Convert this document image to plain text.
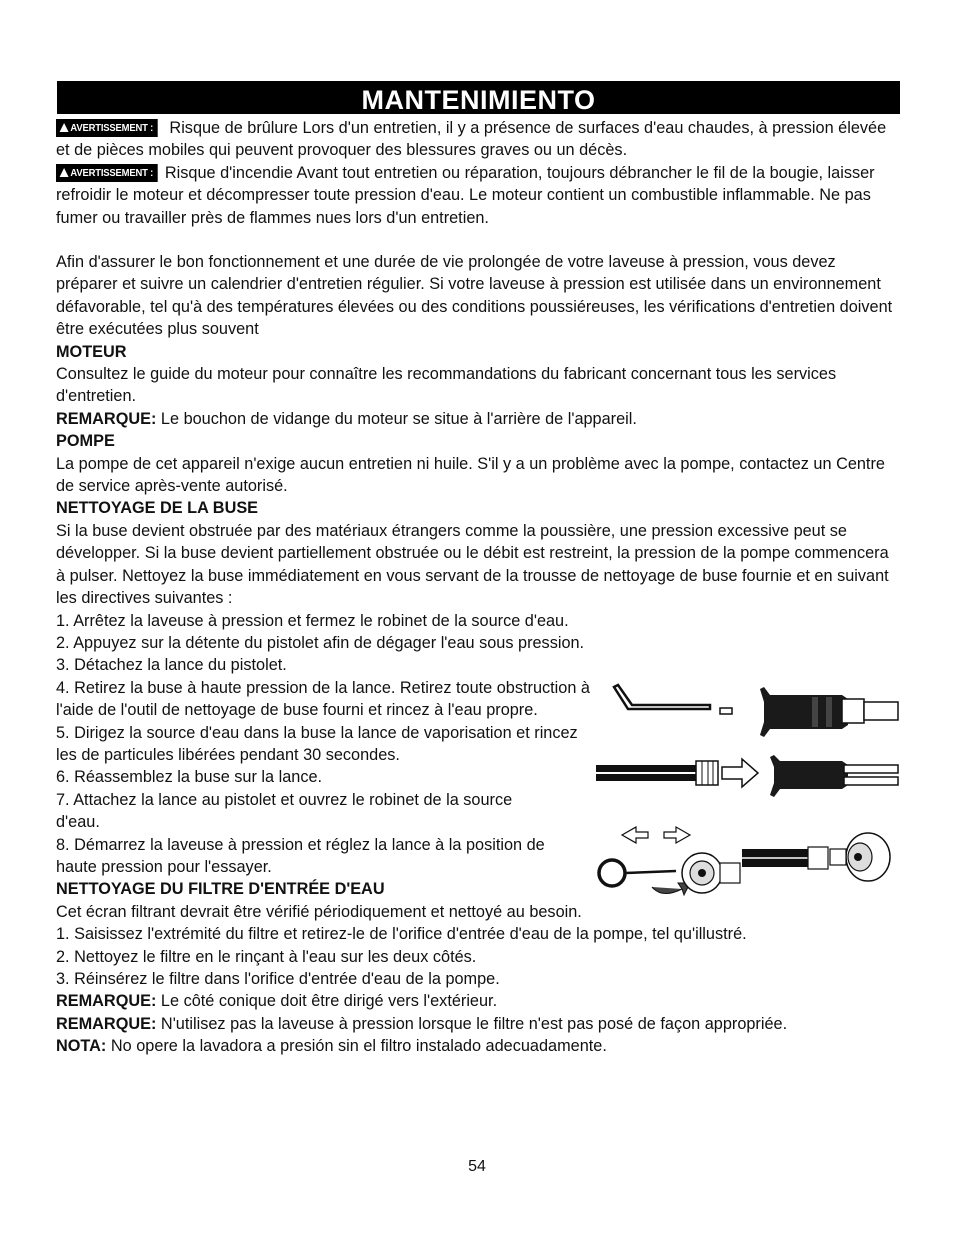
MANTENIMIENTO

AVERTISSEMENT : Risque de brûlure Lors d'un entretien, il y a présence de surfaces d'eau chaudes, à pression élevée et de pièces mobiles qui peuvent provoquer des blessures graves ou un décès.

AVERTISSEMENT : Risque d'incendie Avant tout entretien ou réparation, toujours débrancher le fil de la bougie, laisser refroidir le moteur et décompresser toute pression d'eau. Le moteur contient un combustible inflammable. Ne pas fumer ou travailler près de flammes nues lors d'un entretien.

Afin d'assurer le bon fonctionnement et une durée de vie prolongée de votre laveuse à pression, vous devez préparer et suivre un calendrier d'entretien régulier. Si votre laveuse à pression est utilisée dans un environnement défavorable, tel qu'à des températures élevées ou des conditions poussiéreuses, les vérifications d'entretien doivent être exécutées plus souvent

MOTEUR

Consultez le guide du moteur pour connaître les recommandations du fabricant concernant tous les services d'entretien.

REMARQUE: Le bouchon de vidange du moteur se situe à l'arrière de l'appareil.

POMPE

La pompe de cet appareil n'exige aucun entretien ni huile. S'il y a un problème avec la pompe, contactez un Centre de service après-vente autorisé.

NETTOYAGE DE LA BUSE

Si la buse devient obstruée par des matériaux étrangers comme la poussière, une pression excessive peut se développer. Si la buse devient partiellement obstruée ou le débit est restreint, la pression de la pompe commencera à pulser. Nettoyez la buse immédiatement en vous servant de la trousse de nettoyage de buse fournie et en suivant les directives suivantes :

1. Arrêtez la laveuse à pression et fermez le robinet de la source d'eau.

2. Appuyez sur la détente du pistolet afin de dégager l'eau sous pression.

3. Détachez la lance du pistolet.

4. Retirez la buse à haute pression de la lance. Retirez toute obstruction à l'aide de l'outil de nettoyage de buse fourni et rincez à l'eau propre.

5. Dirigez la source d'eau dans la buse la lance de vaporisation et rincez les de particules libérées pendant 30 secondes.

6. Réassemblez la buse sur la lance.

7. Attachez la lance au pistolet et ouvrez le robinet de la source d'eau.

8. Démarrez la laveuse à pression et réglez la lance à la position de haute pression pour l'essayer.

NETTOYAGE DU FILTRE D'ENTRÉE D'EAU

Cet écran filtrant devrait être vérifié périodiquement et nettoyé au besoin.

1. Saisissez l'extrémité du filtre et retirez-le de l'orifice d'entrée d'eau de la pompe, tel qu'illustré.

2. Nettoyez le filtre en le rinçant à l'eau sur les deux côtés.

3. Réinsérez le filtre dans l'orifice d'entrée d'eau de la pompe.

REMARQUE: Le côté conique doit être dirigé vers l'extérieur.

REMARQUE: N'utilisez pas la laveuse à pression lorsque le filtre n'est pas posé de façon appropriée.

NOTA: No opere la lavadora a presión sin el filtro instalado adecuadamente.

54
